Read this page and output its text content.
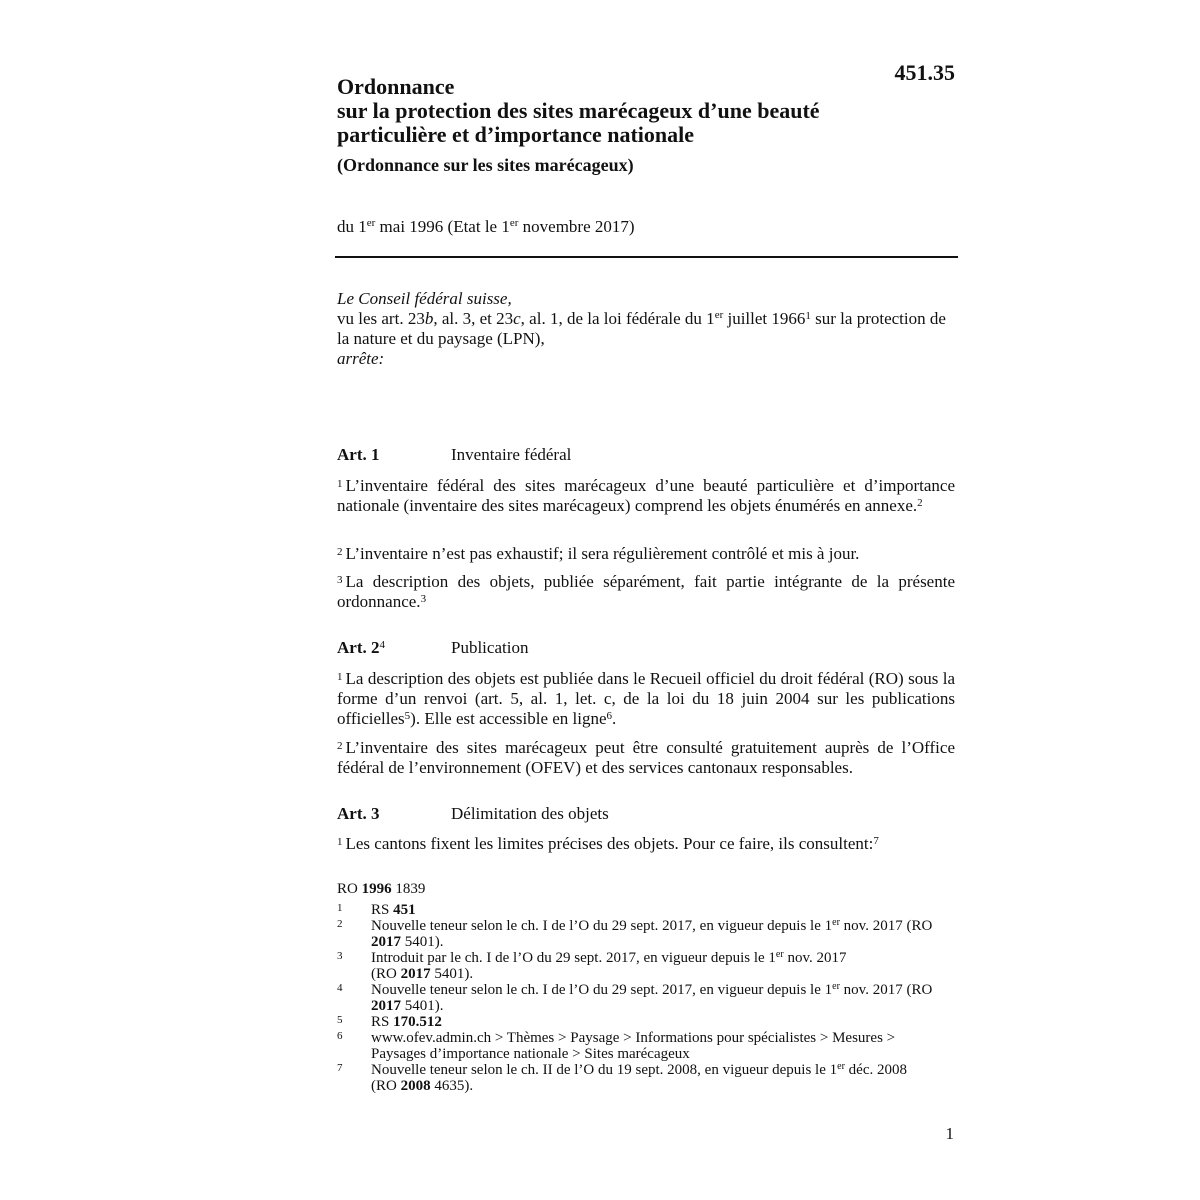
451.35
Ordonnance
sur la protection des sites marécageux d’une beauté
particulière et d’importance nationale
(Ordonnance sur les sites marécageux)
du 1er mai 1996 (Etat le 1er novembre 2017)

Le Conseil fédéral suisse,

vu les art. 23b, al. 3, et 23c, al. 1, de la loi fédérale du 1er juillet 1966$^1$ sur la protection de la nature et du paysage (LPN),

arrête:

Art. 1	Inventaire fédéral
$^1$ L’inventaire fédéral des sites marécageux d’une beauté particulière et d’importance nationale (inventaire des sites marécageux) comprend les objets énumérés en annexe.$^2$
$^2$ L’inventaire n’est pas exhaustif; il sera régulièrement contrôlé et mis à jour.
$^3$ La description des objets, publiée séparément, fait partie intégrante de la présente ordonnance.$^3$
Art. 2$^4$	Publication
$^1$ La description des objets est publiée dans le Recueil officiel du droit fédéral (RO) sous la forme d’un renvoi (art. 5, al. 1, let. c, de la loi du 18 juin 2004 sur les publications officielles$^5$). Elle est accessible en ligne$^6$.
$^2$ L’inventaire des sites marécageux peut être consulté gratuitement auprès de l’Office fédéral de l’environnement (OFEV) et des services cantonaux responsables.
Art. 3	Délimitation des objets
$^1$ Les cantons fixent les limites précises des objets. Pour ce faire, ils consultent:$^7$
RO 1996 1839
1 RS 451
2 Nouvelle teneur selon le ch. I de l’O du 29 sept. 2017, en vigueur depuis le 1er nov. 2017 (RO 2017 5401).
3 Introduit par le ch. I de l’O du 29 sept. 2017, en vigueur depuis le 1er nov. 2017
(RO 2017 5401).
4 Nouvelle teneur selon le ch. I de l’O du 29 sept. 2017, en vigueur depuis le 1er nov. 2017 (RO 2017 5401).
5 RS 170.512
6 www.ofev.admin.ch > Thèmes > Paysage > Informations pour spécialistes > Mesures >
Paysages d’importance nationale > Sites marécageux
7 Nouvelle teneur selon le ch. II de l’O du 19 sept. 2008, en vigueur depuis le 1er déc. 2008
(RO 2008 4635).
1
